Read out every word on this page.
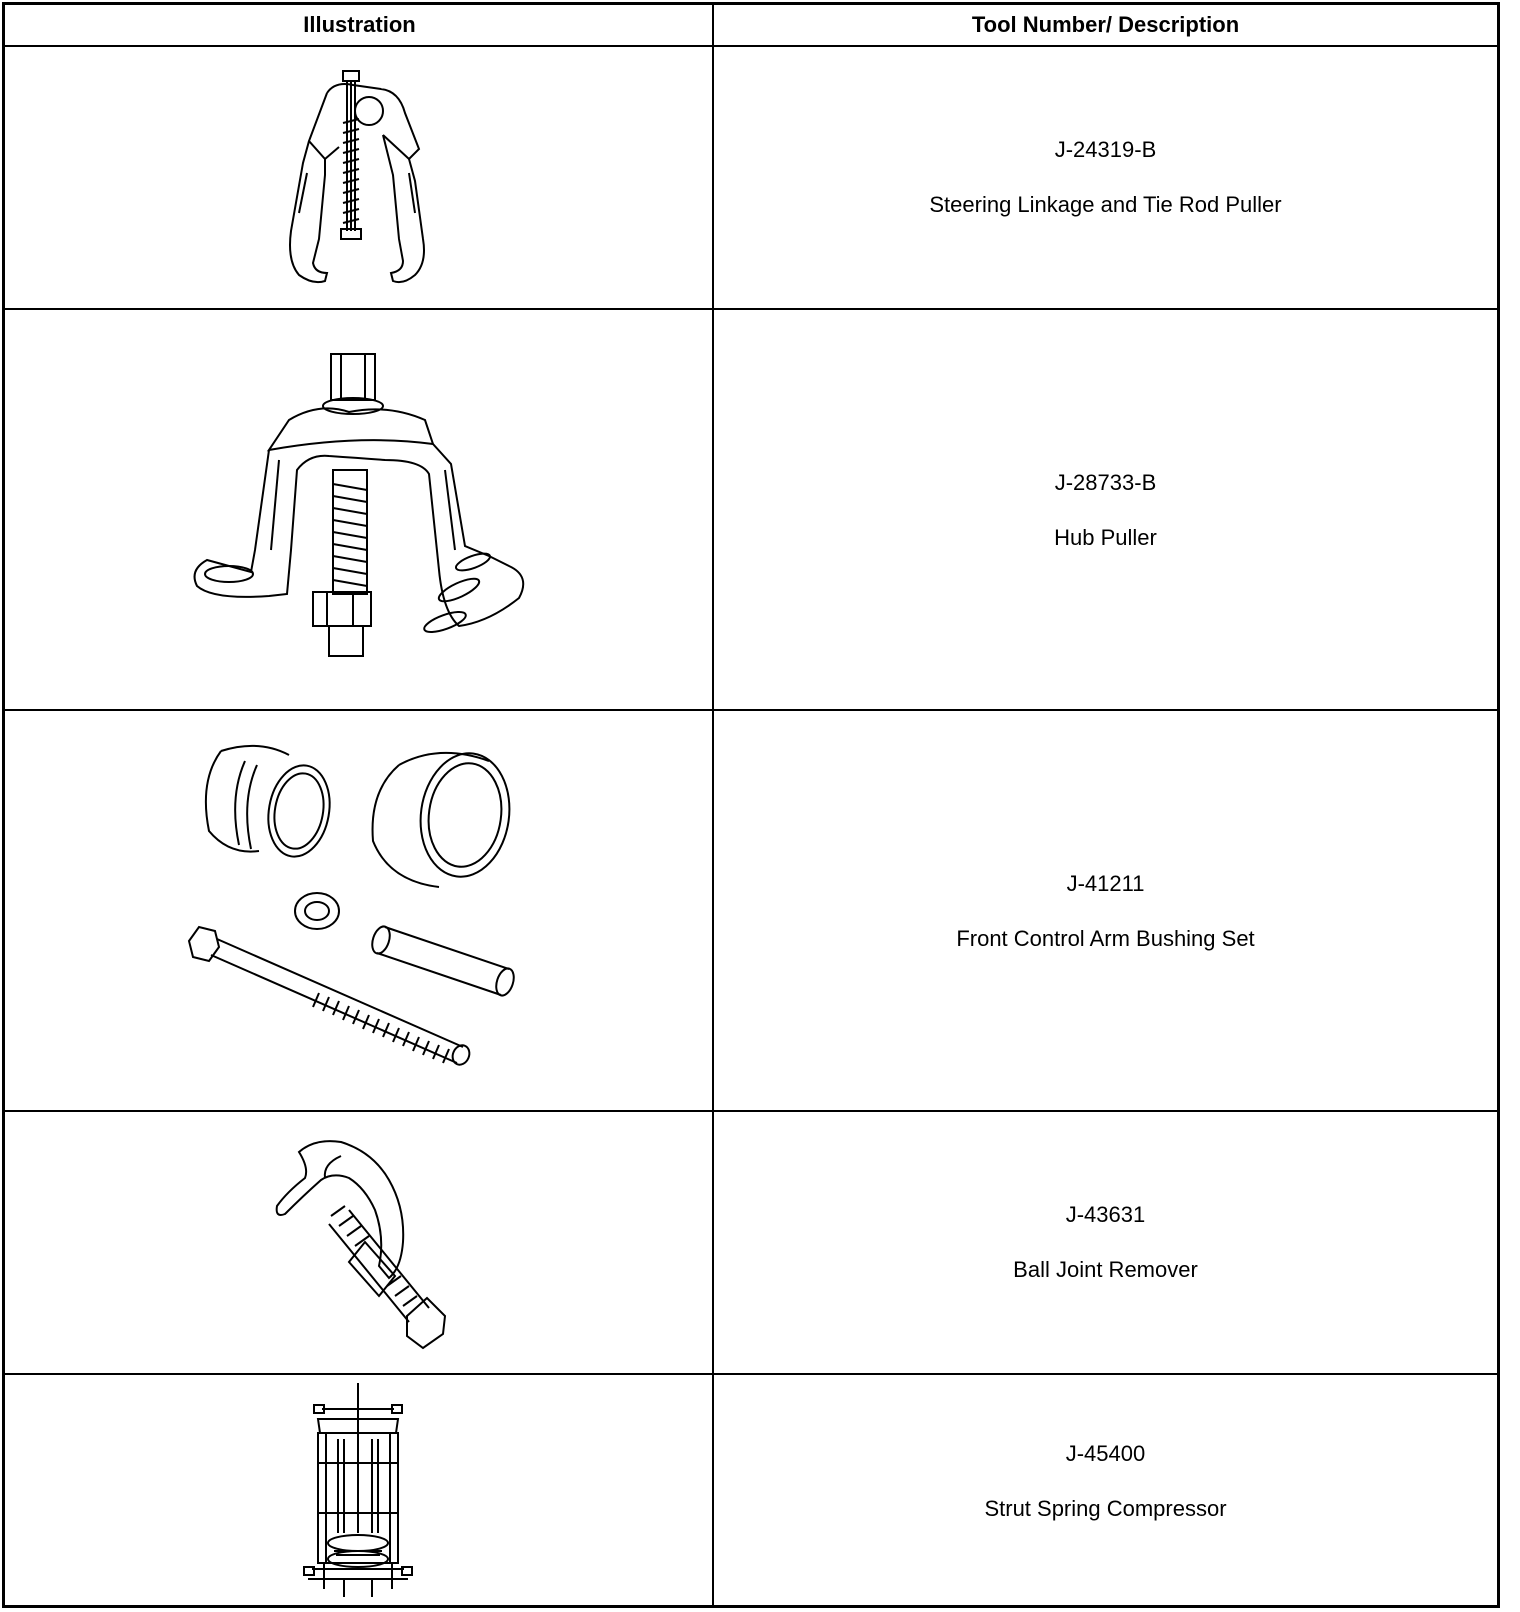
Illustration	Tool Number/ Description
J-24319-B
Steering Linkage and Tie Rod Puller
J-28733-B
Hub Puller
J-41211
Front Control Arm Bushing Set
J-43631
Ball Joint Remover
J-45400
Strut Spring Compressor
